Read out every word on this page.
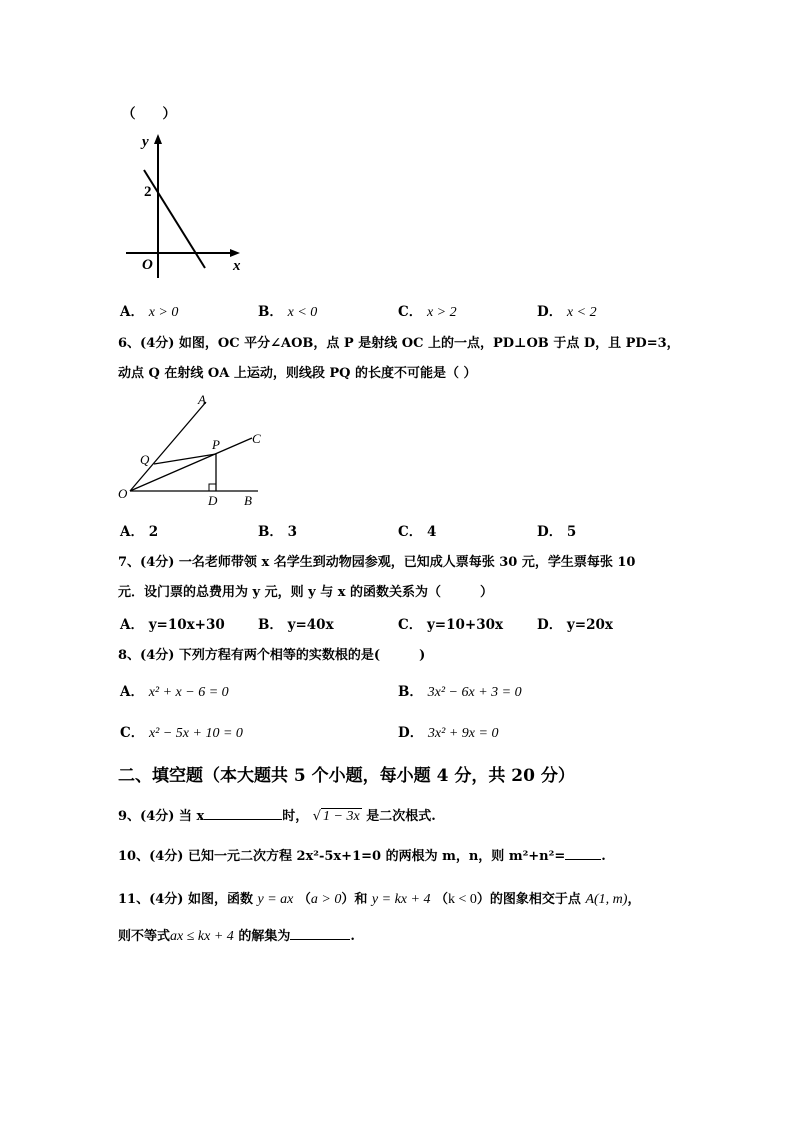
（　　）
y
x
O
2
A． x > 0	B． x < 0	C． x > 2	D． x < 2
6、(4分) 如图，OC 平分∠AOB，点 P 是射线 OC 上的一点，PD⊥OB 于点 D，且 PD=3，
动点 Q 在射线 OA 上运动，则线段 PQ 的长度不可能是（ ）
A
C
P
Q
O	D B
A． 2	B． 3	C． 4	D． 5
7、(4分) 一名老师带领 x 名学生到动物园参观，已知成人票每张 30 元，学生票每张 10
元．设门票的总费用为 y 元，则 y 与 x 的函数关系为（　　　）
A． y=10x+30 B． y=40x	C． y=10+30x	D． y=20x
8、(4分) 下列方程有两个相等的实数根的是(　　　)
A． x² + x − 6 = 0	B． 3x² − 6x + 3 = 0
C． x² − 5x + 10 = 0	D． 3x² + 9x = 0
二、填空题（本大题共 5 个小题，每小题 4 分，共 20 分）
9、(4分) 当 x	时， √ 1 − 3x 是二次根式.
10、(4分) 已知一元二次方程 2x²-5x+1=0 的两根为 m，n，则 m²+n²=	.
11、(4分) 如图，函数 y = ax （a > 0）和 y = kx + 4 （k < 0）的图象相交于点 A(1, m)，
则不等式ax ≤ kx + 4 的解集为	.
